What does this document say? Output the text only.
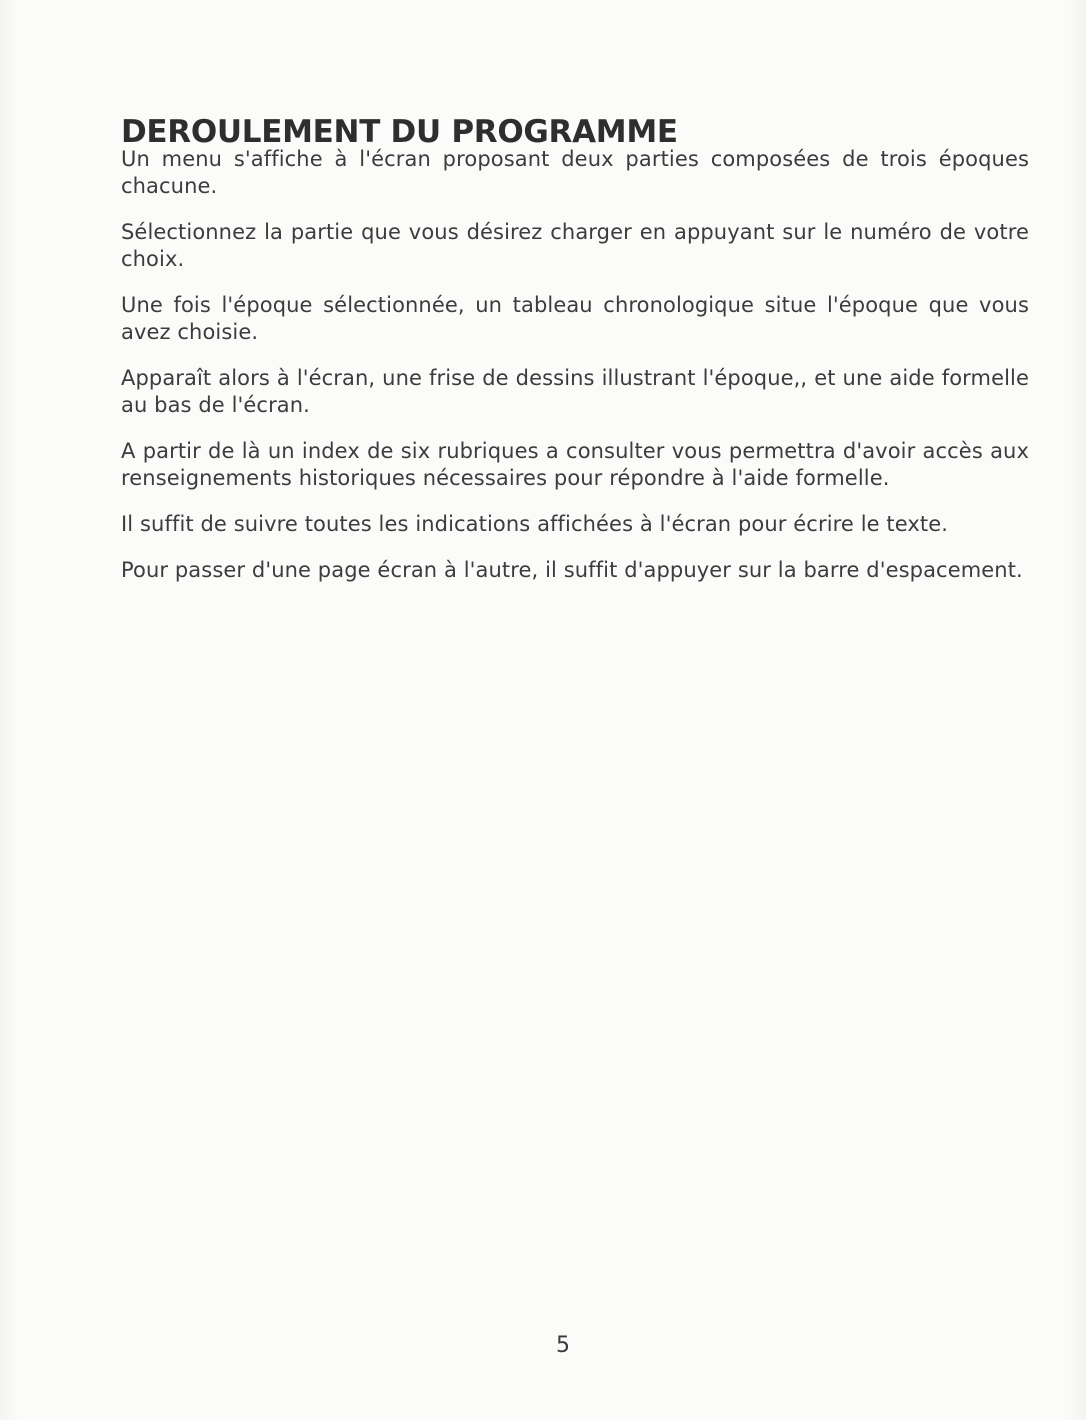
DEROULEMENT DU PROGRAMME

Un menu s'affiche à l'écran proposant deux parties composées de trois époques chacune.

Sélectionnez la partie que vous désirez charger en appuyant sur le numéro de votre choix.

Une fois l'époque sélectionnée, un tableau chronologique situe l'époque que vous avez choisie.

Apparaît alors à l'écran, une frise de dessins illustrant l'époque,, et une aide formelle au bas de l'écran.

A partir de là un index de six rubriques a consulter vous permettra d'avoir accès aux renseignements historiques nécessaires pour répondre à l'aide formelle.

Il suffit de suivre toutes les indications affichées à l'écran pour écrire le texte.

Pour passer d'une page écran à l'autre, il suffit d'appuyer sur la barre d'espacement.

5
